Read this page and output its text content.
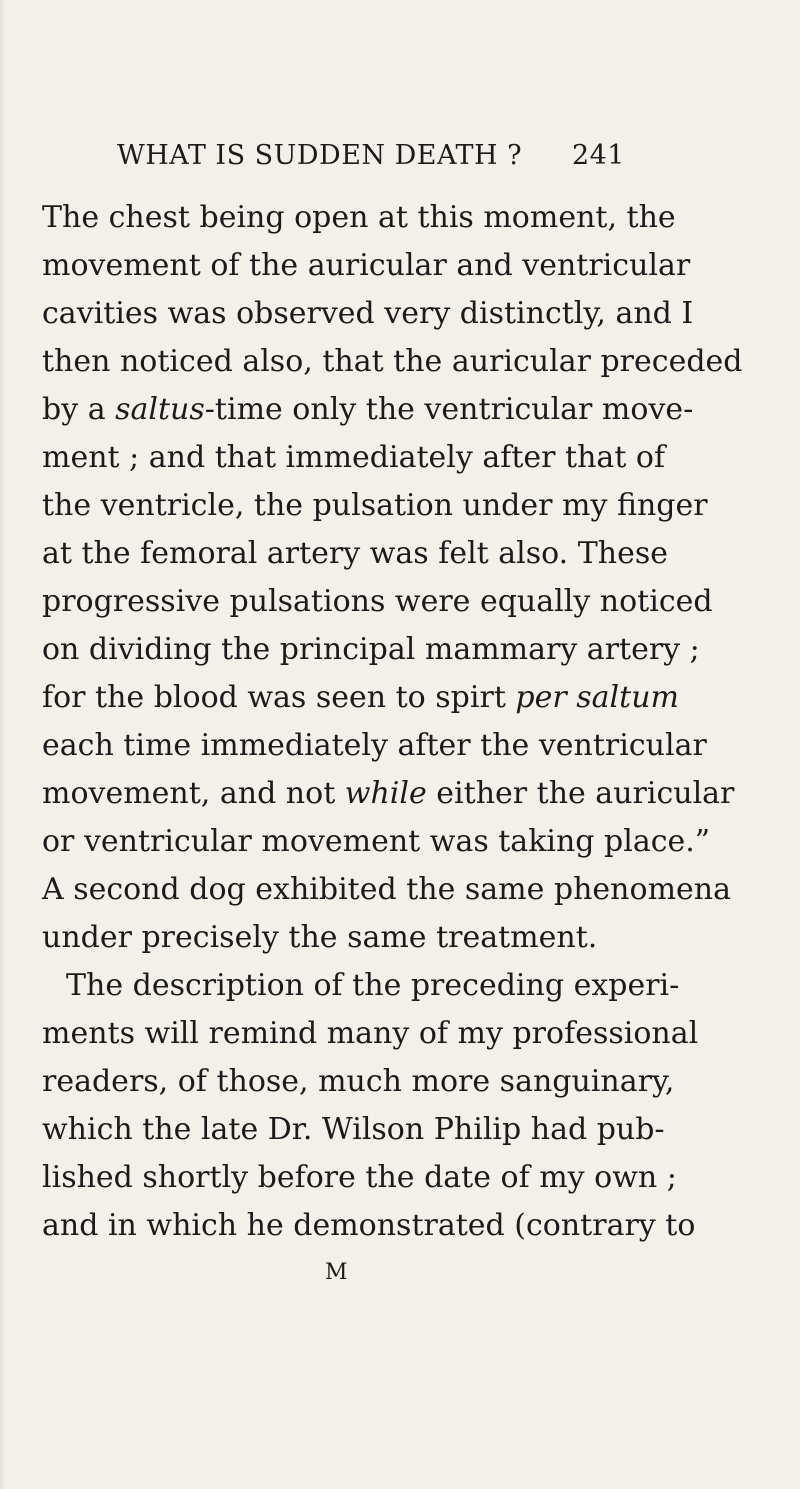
WHAT IS SUDDEN DEATH ? 241
The chest being open at this moment, the
movement of the auricular and ventricular
cavities was observed very distinctly, and I
then noticed also, that the auricular preceded
by a saltus -time only the ventricular move-
ment ; and that immediately after that of
the ventricle, the pulsation under my finger
at the femoral artery was felt also. These
progressive pulsations were equally noticed
on dividing the principal mammary artery ;
for the blood was seen to spirt per saltum
each time immediately after the ventricular
movement, and not while either the auricular
or ventricular movement was taking place.”
A second dog exhibited the same phenomena
under precisely the same treatment.
The description of the preceding experi-
ments will remind many of my professional
readers, of those, much more sanguinary,
which the late Dr. Wilson Philip had pub-
lished shortly before the date of my own ;
and in which he demonstrated (contrary to
M
